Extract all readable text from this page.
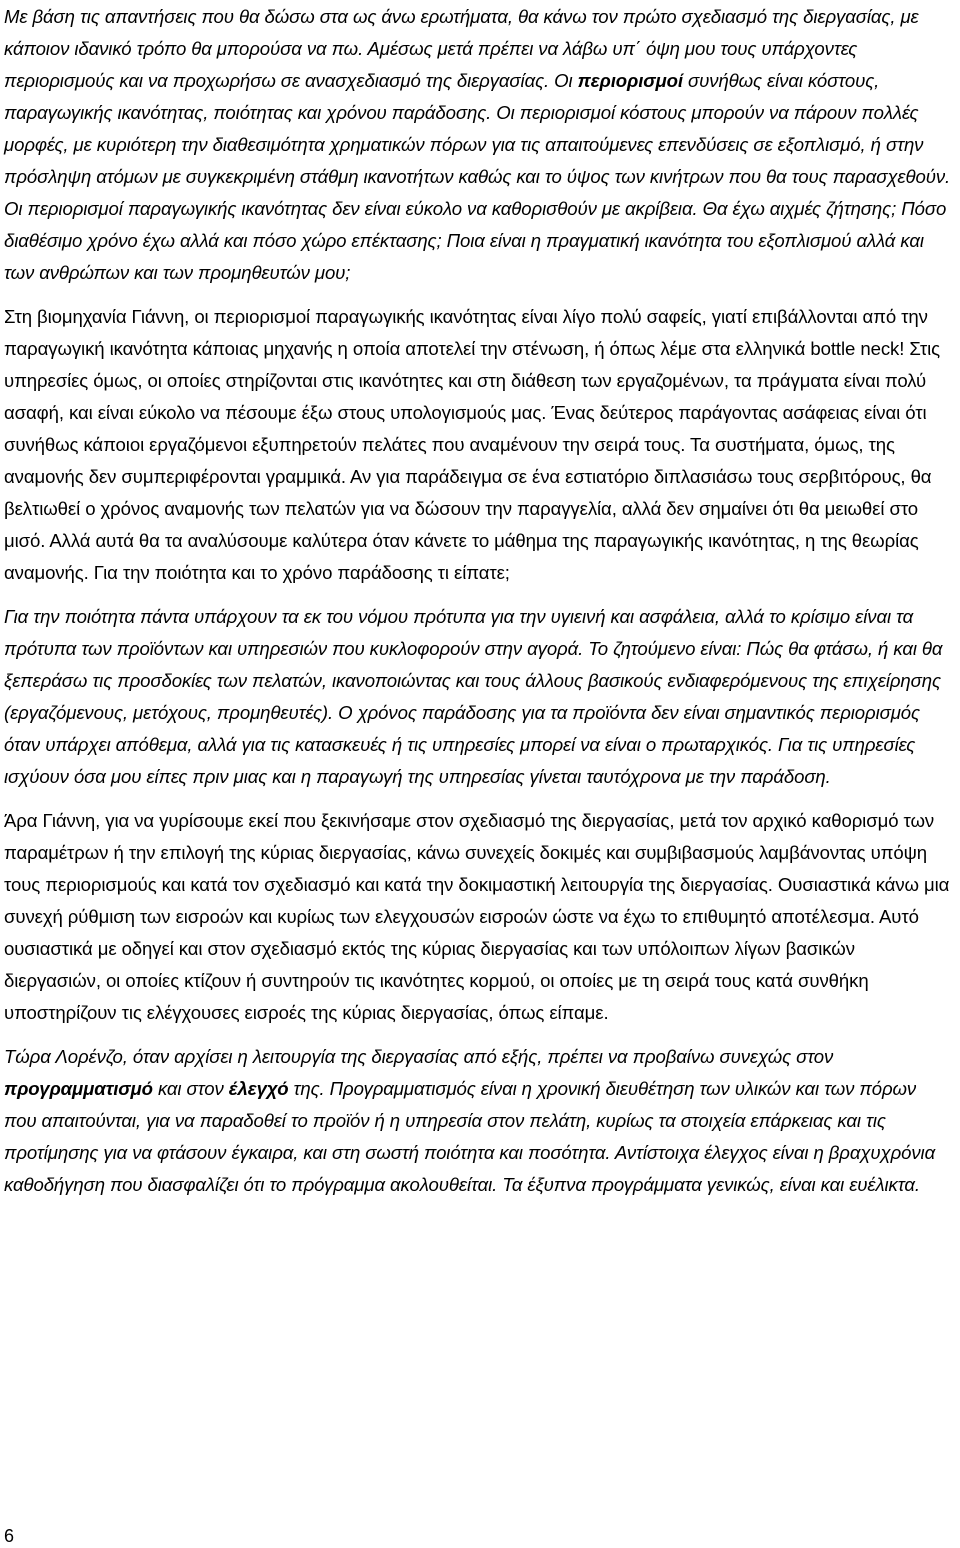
Με βάση τις απαντήσεις που θα δώσω στα ως άνω ερωτήματα, θα κάνω τον πρώτο σχεδιασμό της διεργασίας, με κάποιον ιδανικό τρόπο θα μπορούσα να πω. Αμέσως μετά πρέπει να λάβω υπ΄ όψη μου τους υπάρχοντες περιορισμούς και να προχωρήσω σε ανασχεδιασμό της διεργασίας. Οι περιορισμοί συνήθως είναι κόστους, παραγωγικής ικανότητας, ποιότητας και χρόνου παράδοσης. Οι περιορισμοί κόστους μπορούν να πάρουν πολλές μορφές, με κυριότερη την διαθεσιμότητα χρηματικών πόρων για τις απαιτούμενες επενδύσεις σε εξοπλισμό, ή στην πρόσληψη ατόμων με συγκεκριμένη στάθμη ικανοτήτων καθώς και το ύψος των κινήτρων που θα τους παρασχεθούν. Οι περιορισμοί παραγωγικής ικανότητας δεν είναι εύκολο να καθορισθούν με ακρίβεια. Θα έχω αιχμές ζήτησης; Πόσο διαθέσιμο χρόνο έχω αλλά και πόσο χώρο επέκτασης; Ποια είναι η πραγματική ικανότητα του εξοπλισμού αλλά και των ανθρώπων και των προμηθευτών μου;

Στη βιομηχανία Γιάννη, οι περιορισμοί παραγωγικής ικανότητας είναι λίγο πολύ σαφείς, γιατί επιβάλλονται από την παραγωγική ικανότητα κάποιας μηχανής η οποία αποτελεί την στένωση, ή όπως λέμε στα ελληνικά bottle neck! Στις υπηρεσίες όμως, οι οποίες στηρίζονται στις ικανότητες και στη διάθεση των εργαζομένων, τα πράγματα είναι πολύ ασαφή, και είναι εύκολο να πέσουμε έξω στους υπολογισμούς μας. Ένας δεύτερος παράγοντας ασάφειας είναι ότι συνήθως κάποιοι εργαζόμενοι εξυπηρετούν πελάτες που αναμένουν την σειρά τους. Τα συστήματα, όμως, της αναμονής δεν συμπεριφέρονται γραμμικά. Αν για παράδειγμα σε ένα εστιατόριο διπλασιάσω τους σερβιτόρους, θα βελτιωθεί ο χρόνος αναμονής των πελατών για να δώσουν την παραγγελία, αλλά δεν σημαίνει ότι θα μειωθεί στο μισό. Αλλά αυτά θα τα αναλύσουμε καλύτερα όταν κάνετε το μάθημα της παραγωγικής ικανότητας, η της θεωρίας αναμονής. Για την ποιότητα και το χρόνο παράδοσης τι είπατε;

Για την ποιότητα πάντα υπάρχουν τα εκ του νόμου πρότυπα για την υγιεινή και ασφάλεια, αλλά το κρίσιμο είναι τα πρότυπα των προϊόντων και υπηρεσιών που κυκλοφορούν στην αγορά. Το ζητούμενο είναι: Πώς θα φτάσω, ή και θα ξεπεράσω τις προσδοκίες των πελατών, ικανοποιώντας και τους άλλους βασικούς ενδιαφερόμενους της επιχείρησης (εργαζόμενους, μετόχους, προμηθευτές). Ο χρόνος παράδοσης για τα προϊόντα δεν είναι σημαντικός περιορισμός όταν υπάρχει απόθεμα, αλλά για τις κατασκευές ή τις υπηρεσίες μπορεί να είναι ο πρωταρχικός. Για τις υπηρεσίες ισχύουν όσα μου είπες πριν μιας και η παραγωγή της υπηρεσίας γίνεται ταυτόχρονα με την παράδοση.

Άρα Γιάννη, για να γυρίσουμε εκεί που ξεκινήσαμε στον σχεδιασμό της διεργασίας, μετά τον αρχικό καθορισμό των παραμέτρων ή την επιλογή της κύριας διεργασίας, κάνω συνεχείς δοκιμές και συμβιβασμούς λαμβάνοντας υπόψη τους περιορισμούς και κατά τον σχεδιασμό και κατά την δοκιμαστική λειτουργία της διεργασίας. Ουσιαστικά κάνω μια συνεχή ρύθμιση των εισροών και κυρίως των ελεγχουσών εισροών ώστε να έχω το επιθυμητό αποτέλεσμα. Αυτό ουσιαστικά με οδηγεί και στον σχεδιασμό εκτός της κύριας διεργασίας και των υπόλοιπων λίγων βασικών διεργασιών, οι οποίες κτίζουν ή συντηρούν τις ικανότητες κορμού, οι οποίες με τη σειρά τους κατά συνθήκη υποστηρίζουν τις ελέγχουσες εισροές της κύριας διεργασίας, όπως είπαμε.

Τώρα Λορένζο, όταν αρχίσει η λειτουργία της διεργασίας από εξής, πρέπει να προβαίνω συνεχώς στον προγραμματισμό και στον έλεγχό της. Προγραμματισμός είναι η χρονική διευθέτηση των υλικών και των πόρων που απαιτούνται, για να παραδοθεί το προϊόν ή η υπηρεσία στον πελάτη, κυρίως τα στοιχεία επάρκειας και τις προτίμησης για να φτάσουν έγκαιρα, και στη σωστή ποιότητα και ποσότητα. Αντίστοιχα έλεγχος είναι η βραχυχρόνια καθοδήγηση που διασφαλίζει ότι το πρόγραμμα ακολουθείται. Τα έξυπνα προγράμματα γενικώς, είναι και ευέλικτα.

6
